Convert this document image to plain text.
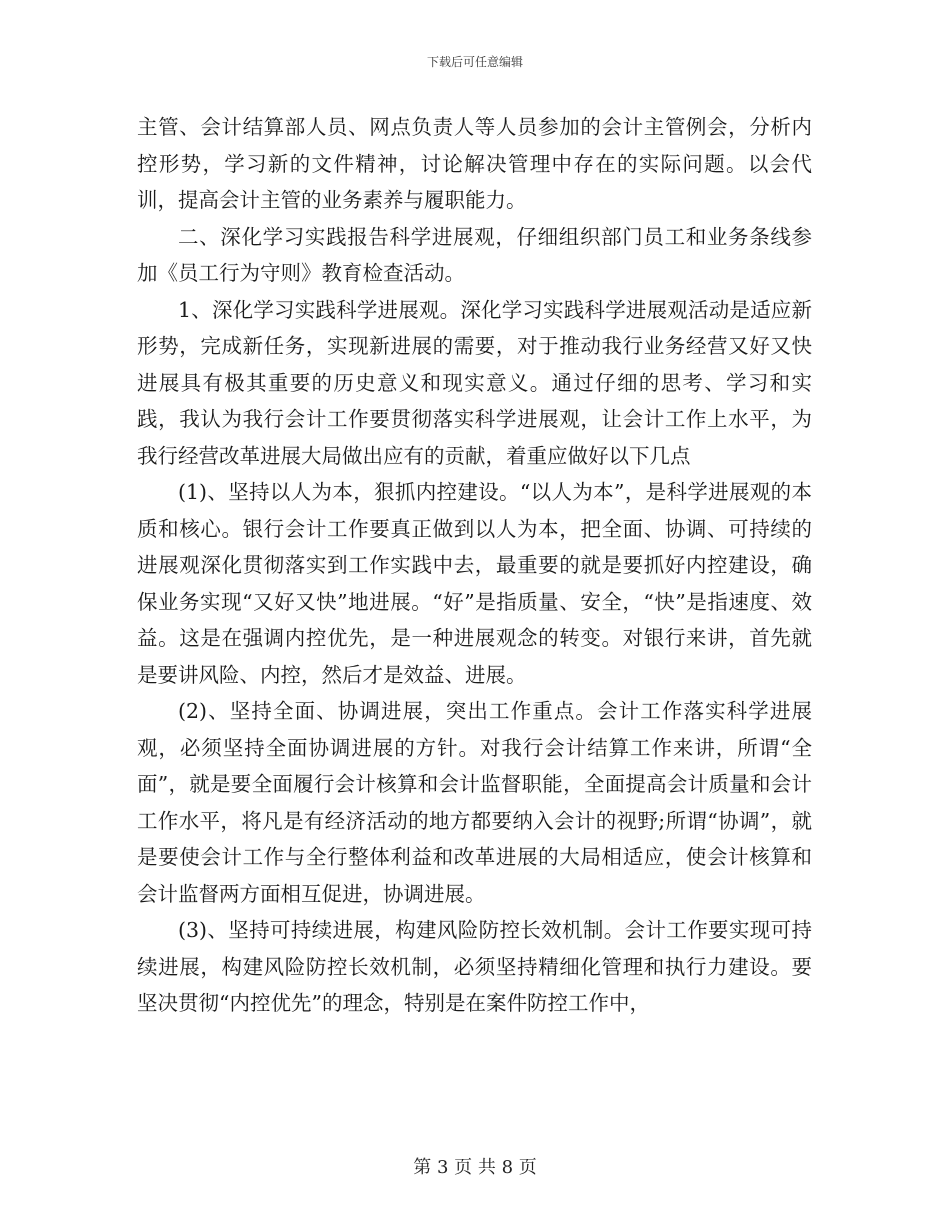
下载后可任意编辑

主管、会计结算部人员、网点负责人等人员参加的会计主管例会，分析内控形势，学习新的文件精神，讨论解决管理中存在的实际问题。以会代训，提高会计主管的业务素养与履职能力。

二、深化学习实践报告科学进展观，仔细组织部门员工和业务条线参加《员工行为守则》教育检查活动。

1、深化学习实践科学进展观。深化学习实践科学进展观活动是适应新形势，完成新任务，实现新进展的需要，对于推动我行业务经营又好又快进展具有极其重要的历史意义和现实意义。通过仔细的思考、学习和实践，我认为我行会计工作要贯彻落实科学进展观，让会计工作上水平，为我行经营改革进展大局做出应有的贡献，着重应做好以下几点

(1)、坚持以人为本，狠抓内控建设。“以人为本”，是科学进展观的本质和核心。银行会计工作要真正做到以人为本，把全面、协调、可持续的进展观深化贯彻落实到工作实践中去，最重要的就是要抓好内控建设，确保业务实现“又好又快”地进展。“好”是指质量、安全，“快”是指速度、效益。这是在强调内控优先，是一种进展观念的转变。对银行来讲，首先就是要讲风险、内控，然后才是效益、进展。

(2)、坚持全面、协调进展，突出工作重点。会计工作落实科学进展观，必须坚持全面协调进展的方针。对我行会计结算工作来讲，所谓“全面”，就是要全面履行会计核算和会计监督职能，全面提高会计质量和会计工作水平，将凡是有经济活动的地方都要纳入会计的视野;所谓“协调”，就是要使会计工作与全行整体利益和改革进展的大局相适应，使会计核算和会计监督两方面相互促进，协调进展。

(3)、坚持可持续进展，构建风险防控长效机制。会计工作要实现可持续进展，构建风险防控长效机制，必须坚持精细化管理和执行力建设。要坚决贯彻“内控优先”的理念，特别是在案件防控工作中，

第 3 页 共 8 页
